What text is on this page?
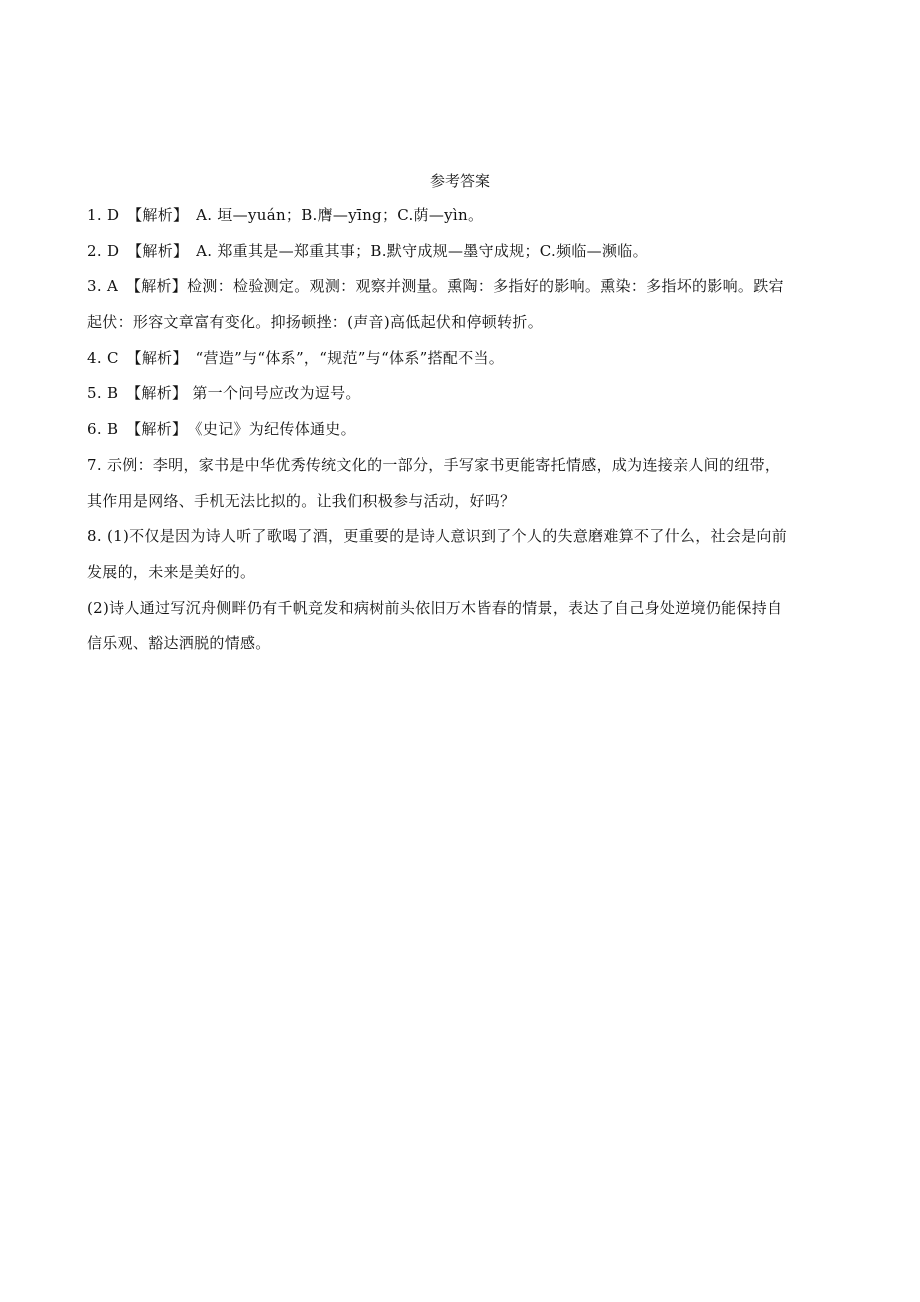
参考答案
1. D　【解析】　A. 垣—yuán；B.膺—yīng；C.荫—yìn。
2. D　【解析】　A. 郑重其是—郑重其事；B.默守成规—墨守成规；C.频临—濒临。
3. A　【解析】检测：检验测定。观测：观察并测量。熏陶：多指好的影响。熏染：多指坏的影响。跌宕
起伏：形容文章富有变化。抑扬顿挫：(声音)高低起伏和停顿转折。
4. C　【解析】　“营造”与“体系”，“规范”与“体系”搭配不当。
5. B　【解析】 第一个问号应改为逗号。
6. B　【解析】　《史记》为纪传体通史。
7. 示例：李明，家书是中华优秀传统文化的一部分，手写家书更能寄托情感，成为连接亲人间的纽带，
其作用是网络、手机无法比拟的。让我们积极参与活动，好吗？
8. (1)不仅是因为诗人听了歌喝了酒，更重要的是诗人意识到了个人的失意磨难算不了什么，社会是向前
发展的，未来是美好的。
(2)诗人通过写沉舟侧畔仍有千帆竞发和病树前头依旧万木皆春的情景，表达了自己身处逆境仍能保持自
信乐观、豁达洒脱的情感。
